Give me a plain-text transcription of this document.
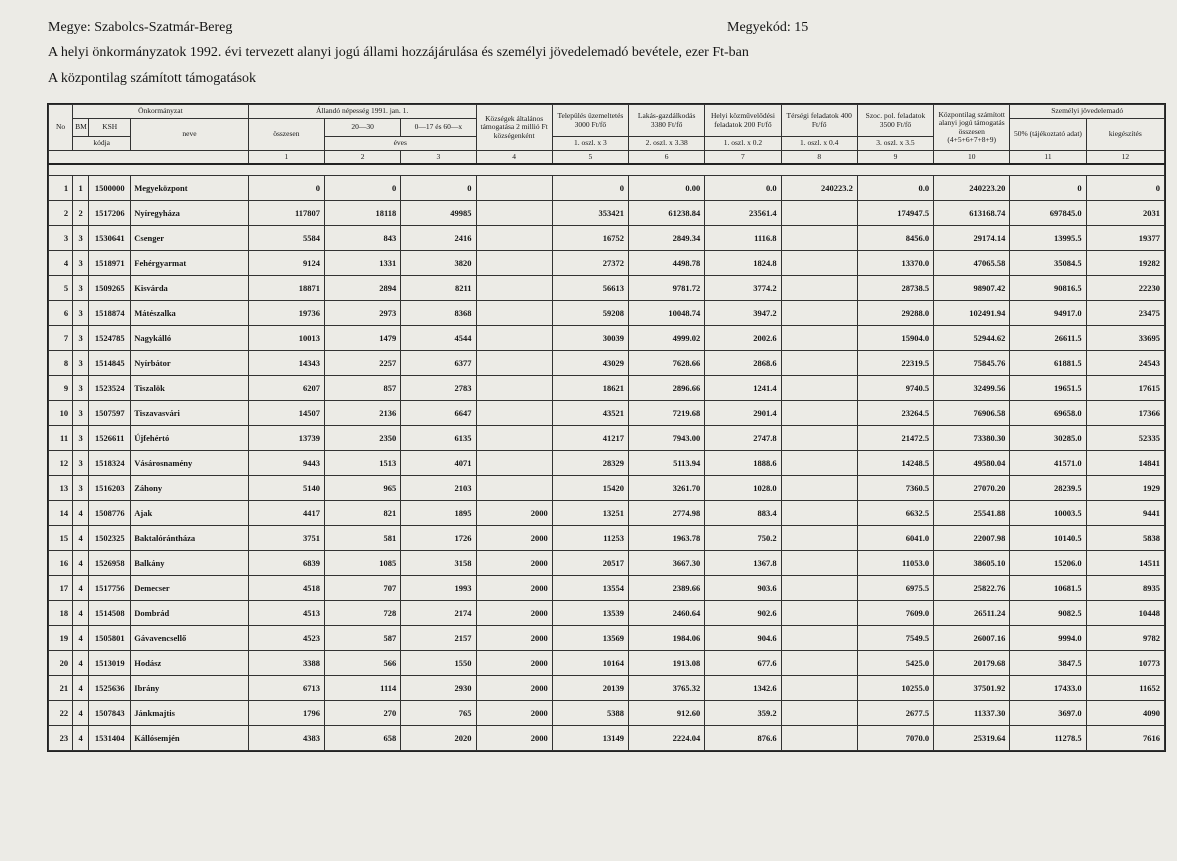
Megye: Szabolcs-Szatmár-Bereg	Megyekód: 15
A helyi önkormányzatok 1992. évi tervezett alanyi jogú állami hozzájárulása és személyi jövedelemadó bevétele, ezer Ft-ban
A központilag számított támogatások
No	Önkormányzat			Állandó népesség 1991. jan. 1.			Községek általános támogatása 2 millió Ft községenként	Település üzemeltetés 3000 Ft/fő	Lakás-gazdálkodás 3380 Ft/fő	Helyi közművelődési feladatok 200 Ft/fő	Térségi feladatok 400 Ft/fő	Szoc. pol. feladatok 3500 Ft/fő	Központilag számított alanyi jogú támogatás összesen (4+5+6+7+8+9)	Személyi jövedelemadó	
	BM	KSH	neve	összesen	20—30	0—17 és 60—x								50% (tájékoztató adat)	kiegészítés
	kódja				éves			1. oszl. x 3	2. oszl. x 3.38	1. oszl. x 0.2	1. oszl. x 0.4	3. oszl. x 3.5			
				1	2	3	4	5	6	7	8	9	10	11	12

1	1	1500000	Megyeközpont	0	0	0		0	0.00	0.0	240223.2	0.0	240223.20	0	0
2	2	1517206	Nyíregyháza	117807	18118	49985		353421	61238.84	23561.4		174947.5	613168.74	697845.0	2031
3	3	1530641	Csenger	5584	843	2416		16752	2849.34	1116.8		8456.0	29174.14	13995.5	19377
4	3	1518971	Fehérgyarmat	9124	1331	3820		27372	4498.78	1824.8		13370.0	47065.58	35084.5	19282
5	3	1509265	Kisvárda	18871	2894	8211		56613	9781.72	3774.2		28738.5	98907.42	90816.5	22230
6	3	1518874	Mátészalka	19736	2973	8368		59208	10048.74	3947.2		29288.0	102491.94	94917.0	23475
7	3	1524785	Nagykálló	10013	1479	4544		30039	4999.02	2002.6		15904.0	52944.62	26611.5	33695
8	3	1514845	Nyírbátor	14343	2257	6377		43029	7628.66	2868.6		22319.5	75845.76	61881.5	24543
9	3	1523524	Tiszalök	6207	857	2783		18621	2896.66	1241.4		9740.5	32499.56	19651.5	17615
10	3	1507597	Tiszavasvári	14507	2136	6647		43521	7219.68	2901.4		23264.5	76906.58	69658.0	17366
11	3	1526611	Újfehértó	13739	2350	6135		41217	7943.00	2747.8		21472.5	73380.30	30285.0	52335
12	3	1518324	Vásárosnamény	9443	1513	4071		28329	5113.94	1888.6		14248.5	49580.04	41571.0	14841
13	3	1516203	Záhony	5140	965	2103		15420	3261.70	1028.0		7360.5	27070.20	28239.5	1929
14	4	1508776	Ajak	4417	821	1895	2000	13251	2774.98	883.4		6632.5	25541.88	10003.5	9441
15	4	1502325	Baktalórántháza	3751	581	1726	2000	11253	1963.78	750.2		6041.0	22007.98	10140.5	5838
16	4	1526958	Balkány	6839	1085	3158	2000	20517	3667.30	1367.8		11053.0	38605.10	15206.0	14511
17	4	1517756	Demecser	4518	707	1993	2000	13554	2389.66	903.6		6975.5	25822.76	10681.5	8935
18	4	1514508	Dombrád	4513	728	2174	2000	13539	2460.64	902.6		7609.0	26511.24	9082.5	10448
19	4	1505801	Gávavencsellő	4523	587	2157	2000	13569	1984.06	904.6		7549.5	26007.16	9994.0	9782
20	4	1513019	Hodász	3388	566	1550	2000	10164	1913.08	677.6		5425.0	20179.68	3847.5	10773
21	4	1525636	Ibrány	6713	1114	2930	2000	20139	3765.32	1342.6		10255.0	37501.92	17433.0	11652
22	4	1507843	Jánkmajtis	1796	270	765	2000	5388	912.60	359.2		2677.5	11337.30	3697.0	4090
23	4	1531404	Kállósemjén	4383	658	2020	2000	13149	2224.04	876.6		7070.0	25319.64	11278.5	7616
